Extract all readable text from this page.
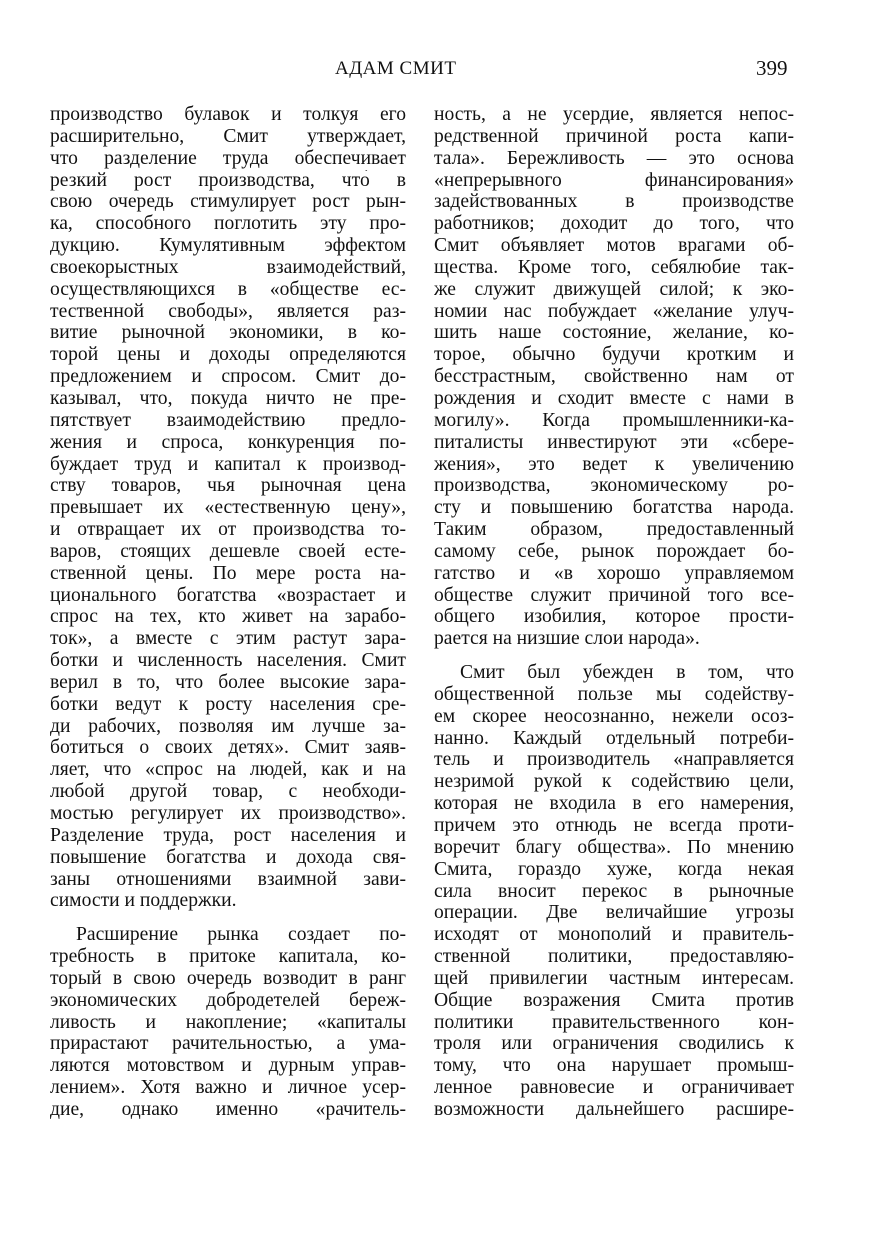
АДАМ СМИТ	399
производство булавок и толкуя его
расширительно, Смит утверждает,
что разделение труда обеспечивает
резкий рост производства, что́ в
свою очередь стимулирует рост рын-
ка, способного поглотить эту про-
дукцию. Кумулятивным эффектом
своекорыстных взаимодействий,
осуществляющихся в «обществе ес-
тественной свободы», является раз-
витие рыночной экономики, в ко-
торой цены и доходы определяются
предложением и спросом. Смит до-
казывал, что, покуда ничто не пре-
пятствует взаимодействию предло-
жения и спроса, конкуренция по-
буждает труд и капитал к производ-
ству товаров, чья рыночная цена
превышает их «естественную цену»,
и отвращает их от производства то-
варов, стоящих дешевле своей есте-
ственной цены. По мере роста на-
ционального богатства «возрастает и
спрос на тех, кто живет на зарабо-
ток», а вместе с этим растут зара-
ботки и численность населения. Смит
верил в то, что более высокие зара-
ботки ведут к росту населения сре-
ди рабочих, позволяя им лучше за-
ботиться о своих детях». Смит заяв-
ляет, что «спрос на людей, как и на
любой другой товар, с необходи-
мостью регулирует их производство».
Разделение труда, рост населения и
повышение богатства и дохода свя-
заны отношениями взаимной зави-
симости и поддержки.
Расширение рынка создает по-
требность в притоке капитала, ко-
торый в свою очередь возводит в ранг
экономических добродетелей береж-
ливость и накопление; «капиталы
прирастают рачительностью, а ума-
ляются мотовством и дурным управ-
лением». Хотя важно и личное усер-
дие, однако именно «рачитель-
ность, а не усердие, является непос-
редственной причиной роста капи-
тала». Бережливость — это основа
«непрерывного финансирования»
задействованных в производстве
работников; доходит до того, что
Смит объявляет мотов врагами об-
щества. Кроме того, себялюбие так-
же служит движущей силой; к эко-
номии нас побуждает «желание улуч-
шить наше состояние, желание, ко-
торое, обычно будучи кротким и
бесстрастным, свойственно нам от
рождения и сходит вместе с нами в
могилу». Когда промышленники-ка-
питалисты инвестируют эти «сбере-
жения», это ведет к увеличению
производства, экономическому ро-
сту и повышению богатства народа.
Таким образом, предоставленный
самому себе, рынок порождает бо-
гатство и «в хорошо управляемом
обществе служит причиной того все-
общего изобилия, которое прости-
рается на низшие слои народа».
Смит был убежден в том, что
общественной пользе мы содейству-
ем скорее неосознанно, нежели осоз-
нанно. Каждый отдельный потреби-
тель и производитель «направляется
незримой рукой к содействию цели,
которая не входила в его намерения,
причем это отнюдь не всегда проти-
воречит благу общества». По мнению
Смита, гораздо хуже, когда некая
сила вносит перекос в рыночные
операции. Две величайшие угрозы
исходят от монополий и правитель-
ственной политики, предоставляю-
щей привилегии частным интересам.
Общие возражения Смита против
политики правительственного кон-
троля или ограничения сводились к
тому, что она нарушает промыш-
ленное равновесие и ограничивает
возможности дальнейшего расшире-
